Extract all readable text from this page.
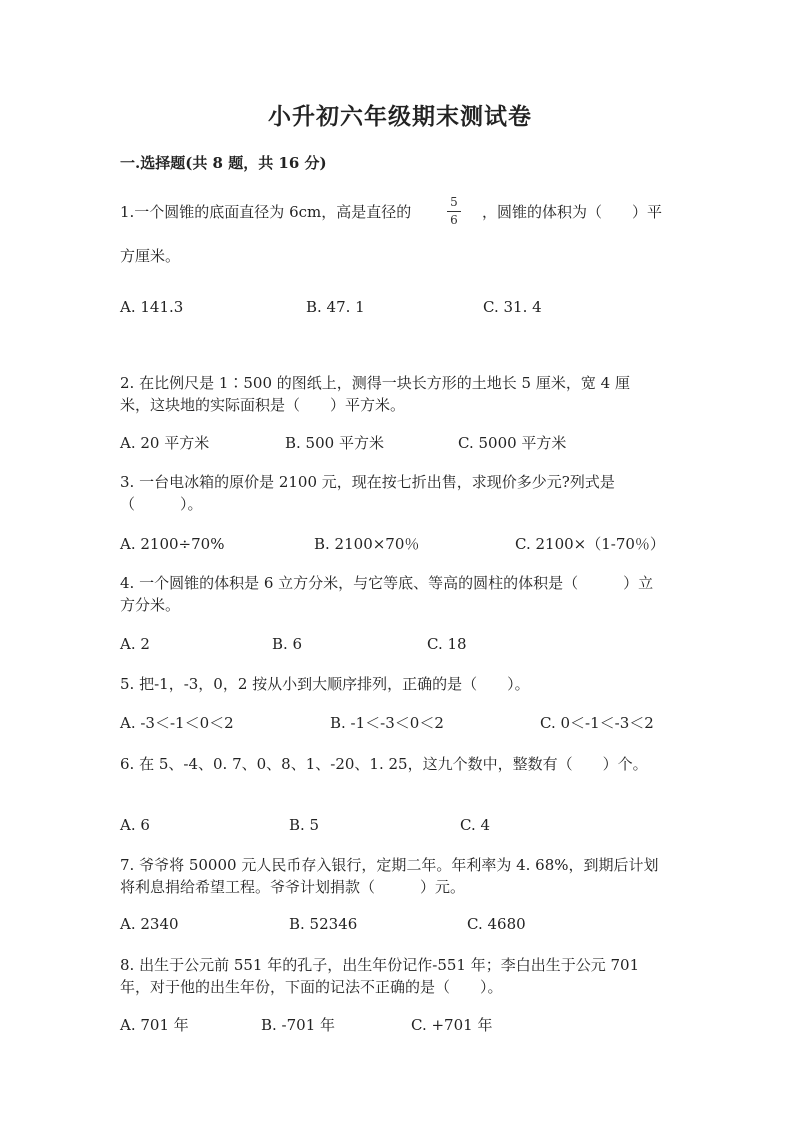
小升初六年级期末测试卷
一.选择题(共 8 题，共 16 分)
1.一个圆锥的底面直径为 6cm，高是直径的
5
6	，圆锥的体积为（　　）平
方厘米。
A. 141.3	B. 47. 1	C. 31. 4
2. 在比例尺是 1∶500 的图纸上，测得一块长方形的土地长 5 厘米，宽 4 厘
米，这块地的实际面积是（　　）平方米。
A. 20 平方米	B. 500 平方米	C. 5000 平方米
3. 一台电冰箱的原价是 2100 元，现在按七折出售，求现价多少元?列式是
（　　　）。
A. 2100÷70%	B. 2100×70％	C. 2100×（1-70％）
4. 一个圆锥的体积是 6 立方分米，与它等底、等高的圆柱的体积是（　　　）立
方分米。
A. 2	B. 6	C. 18
5. 把-1，-3，0，2 按从小到大顺序排列，正确的是（　　）。
A. -3＜-1＜0＜2	B. -1＜-3＜0＜2	C. 0＜-1＜-3＜2
6. 在 5、-4、0. 7、0、8、1、-20、1. 25，这九个数中，整数有（　　）个。
A. 6	B. 5	C. 4
7. 爷爷将 50000 元人民币存入银行，定期二年。年利率为 4. 68%，到期后计划
将利息捐给希望工程。爷爷计划捐款（　　　）元。
A. 2340	B. 52346	C. 4680
8. 出生于公元前 551 年的孔子，出生年份记作-551 年；李白出生于公元 701
年，对于他的出生年份，下面的记法不正确的是（　　）。
A. 701 年	B. -701 年	C. +701 年
